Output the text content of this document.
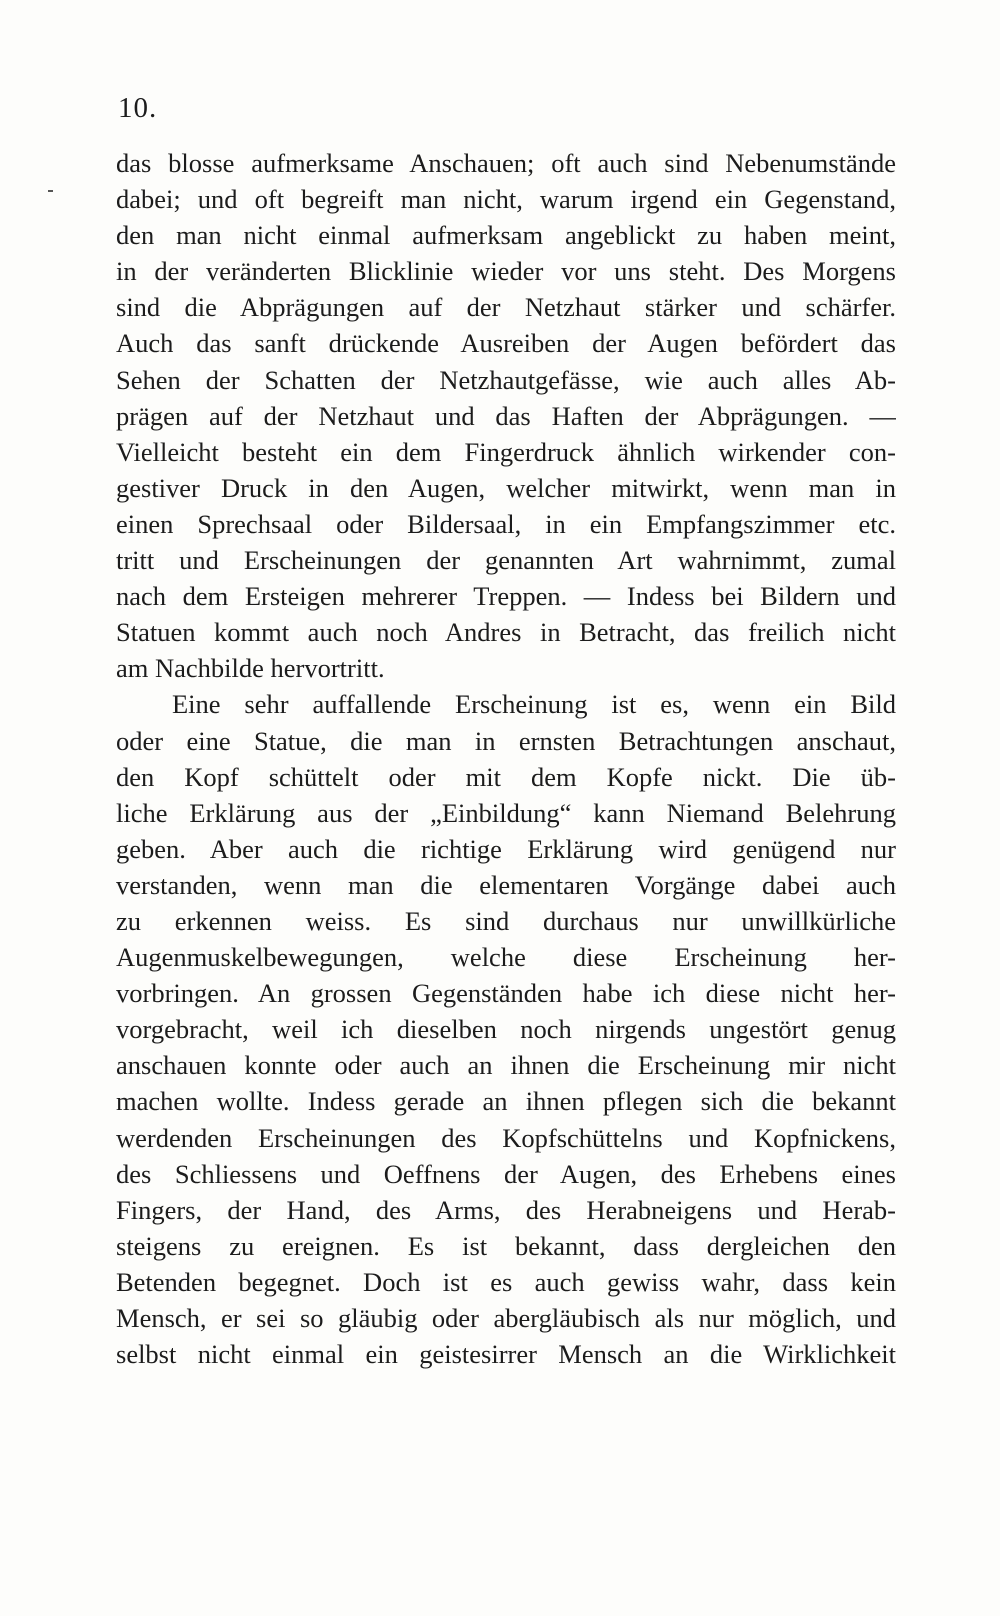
10.
das blosse aufmerksame Anschauen; oft auch sind Nebenumstände
dabei; und oft begreift man nicht, warum irgend ein Gegenstand,
den man nicht einmal aufmerksam angeblickt zu haben meint,
in der veränderten Blicklinie wieder vor uns steht. Des Morgens
sind die Abprägungen auf der Netzhaut stärker und schärfer.
Auch das sanft drückende Ausreiben der Augen befördert das
Sehen der Schatten der Netzhautgefässe, wie auch alles Ab-
prägen auf der Netzhaut und das Haften der Abprägungen. —
Vielleicht besteht ein dem Fingerdruck ähnlich wirkender con-
gestiver Druck in den Augen, welcher mitwirkt, wenn man in
einen Sprechsaal oder Bildersaal, in ein Empfangszimmer etc.
tritt und Erscheinungen der genannten Art wahrnimmt, zumal
nach dem Ersteigen mehrerer Treppen. — Indess bei Bildern und
Statuen kommt auch noch Andres in Betracht, das freilich nicht
am Nachbilde hervortritt.
Eine sehr auffallende Erscheinung ist es, wenn ein Bild
oder eine Statue, die man in ernsten Betrachtungen anschaut,
den Kopf schüttelt oder mit dem Kopfe nickt. Die üb-
liche Erklärung aus der „Einbildung“ kann Niemand Belehrung
geben. Aber auch die richtige Erklärung wird genügend nur
verstanden, wenn man die elementaren Vorgänge dabei auch
zu erkennen weiss. Es sind durchaus nur unwillkürliche
Augenmuskelbewegungen, welche diese Erscheinung her-
vorbringen. An grossen Gegenständen habe ich diese nicht her-
vorgebracht, weil ich dieselben noch nirgends ungestört genug
anschauen konnte oder auch an ihnen die Erscheinung mir nicht
machen wollte. Indess gerade an ihnen pflegen sich die bekannt
werdenden Erscheinungen des Kopfschüttelns und Kopfnickens,
des Schliessens und Oeffnens der Augen, des Erhebens eines
Fingers, der Hand, des Arms, des Herabneigens und Herab-
steigens zu ereignen. Es ist bekannt, dass dergleichen den
Betenden begegnet. Doch ist es auch gewiss wahr, dass kein
Mensch, er sei so gläubig oder abergläubisch als nur möglich, und
selbst nicht einmal ein geistesirrer Mensch an die Wirklichkeit
